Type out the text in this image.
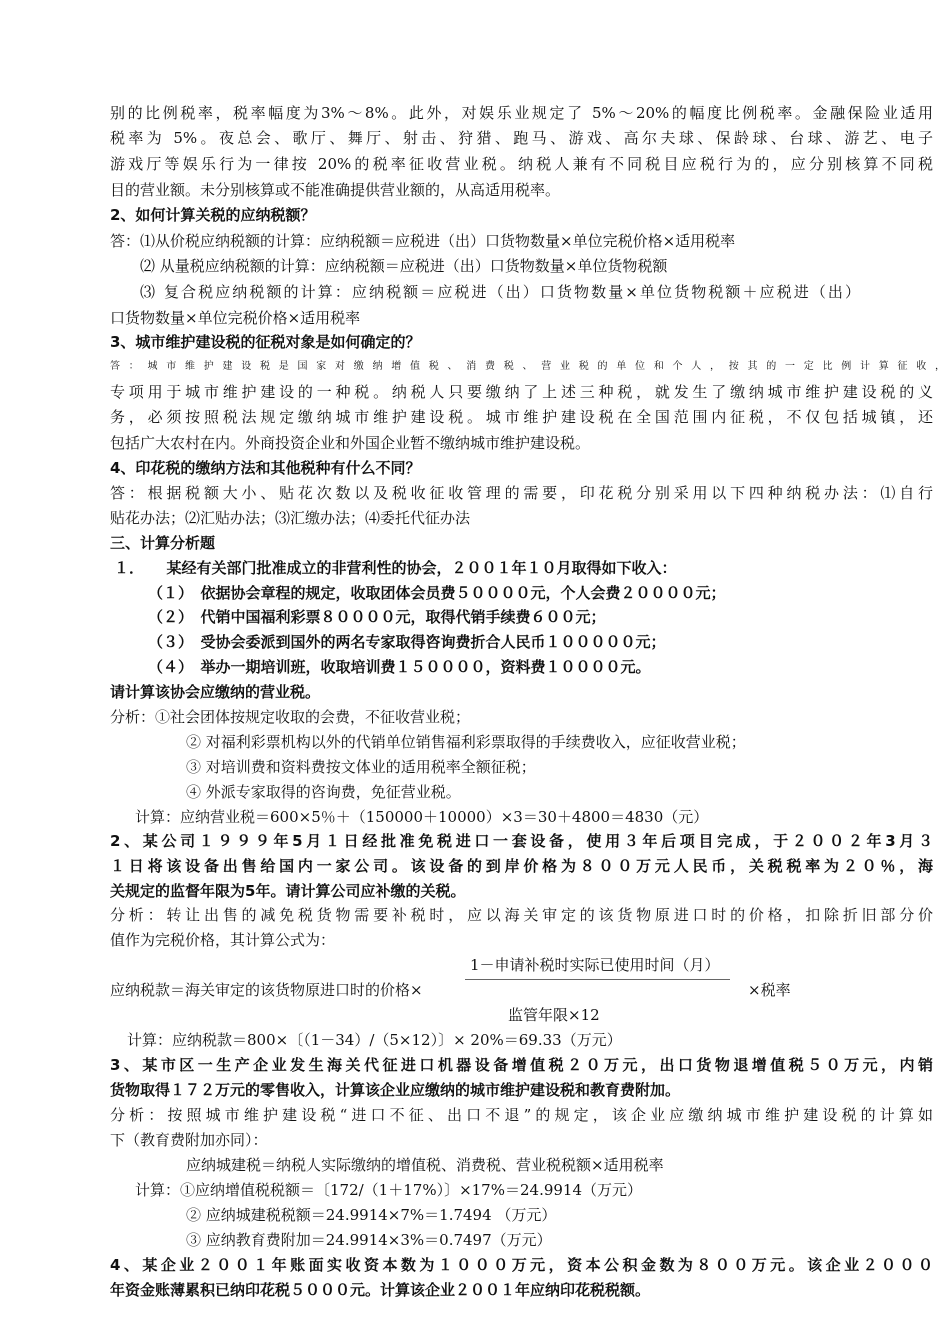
别的比例税率，税率幅度为3%～8%。此外，对娱乐业规定了 5%～20%的幅度比例税率。金融保险业适用
税率为 5%。夜总会、歌厅、舞厅、射击、狩猎、跑马、游戏、高尔夫球、保龄球、台球、游艺、电子
游戏厅等娱乐行为一律按 20%的税率征收营业税。纳税人兼有不同税目应税行为的，应分别核算不同税
目的营业额。未分别核算或不能准确提供营业额的，从高适用税率。
2、如何计算关税的应纳税额？
答：⑴从价税应纳税额的计算：应纳税额＝应税进（出）口货物数量×单位完税价格×适用税率
⑵ 从量税应纳税额的计算：应纳税额＝应税进（出）口货物数量×单位货物税额
⑶ 复合税应纳税额的计算：应纳税额＝应税进（出）口货物数量×单位货物税额＋应税进（出）
口货物数量×单位完税价格×适用税率
3、城市维护建设税的征税对象是如何确定的？
答：城市维护建设税是国家对缴纳增值税、消费税、营业税的单位和个人，按其的一定比例计算征收，
专项用于城市维护建设的一种税。纳税人只要缴纳了上述三种税，就发生了缴纳城市维护建设税的义
务，必须按照税法规定缴纳城市维护建设税。城市维护建设税在全国范围内征税，不仅包括城镇，还
包括广大农村在内。外商投资企业和外国企业暂不缴纳城市维护建设税。
4、印花税的缴纳方法和其他税种有什么不同？
答：根据税额大小、贴花次数以及税收征收管理的需要，印花税分别采用以下四种纳税办法：⑴自行
贴花办法；⑵汇贴办法；⑶汇缴办法；⑷委托代征办法
三、计算分析题
１．　　某经有关部门批准成立的非营利性的协会，２００１年１０月取得如下收入：
（１）　依据协会章程的规定，收取团体会员费５００００元，个人会费２００００元；
（２）　代销中国福利彩票８００００元，取得代销手续费６００元；
（３）　受协会委派到国外的两名专家取得咨询费折合人民币１０００００元；
（４）　举办一期培训班，收取培训费１５００００，资料费１００００元。
请计算该协会应缴纳的营业税。
分析：①社会团体按规定收取的会费，不征收营业税；
② 对福利彩票机构以外的代销单位销售福利彩票取得的手续费收入，应征收营业税；
③ 对培训费和资料费按文体业的适用税率全额征税；
④ 外派专家取得的咨询费，免征营业税。
计算：应纳营业税＝600×5％＋（150000＋10000）×3＝30＋4800＝4830（元）
2、某公司１９９９年5月１日经批准免税进口一套设备，使用３年后项目完成，于２００２年3月３
１日将该设备出售给国内一家公司。该设备的到岸价格为８００万元人民币，关税税率为２０％，海
关规定的监督年限为5年。请计算公司应补缴的关税。
分析：转让出售的减免税货物需要补税时，应以海关审定的该货物原进口时的价格，扣除折旧部分价
值作为完税价格，其计算公式为：
1－申请补税时实际已使用时间（月）
应纳税款＝海关审定的该货物原进口时的价格×	×税率
监管年限×12
计算：应纳税款＝800×〔（1－34）/（5×12）〕× 20%＝69.33（万元）
3、某市区一生产企业发生海关代征进口机器设备增值税２０万元，出口货物退增值税５０万元，内销
货物取得１７２万元的零售收入，计算该企业应缴纳的城市维护建设税和教育费附加。
分析：按照城市维护建设税“进口不征、出口不退”的规定，该企业应缴纳城市维护建设税的计算如
下（教育费附加亦同）：
应纳城建税＝纳税人实际缴纳的增值税、消费税、营业税税额×适用税率
计算：①应纳增值税税额＝〔172/（1＋17%）〕×17%＝24.9914（万元）
② 应纳城建税税额＝24.9914×7%＝1.7494 （万元）
③ 应纳教育费附加＝24.9914×3%＝0.7497（万元）
4、某企业２００１年账面实收资本数为１０００万元，资本公积金数为８００万元。该企业２０００
年资金账薄累积已纳印花税５０００元。计算该企业２００１年应纳印花税税额。
